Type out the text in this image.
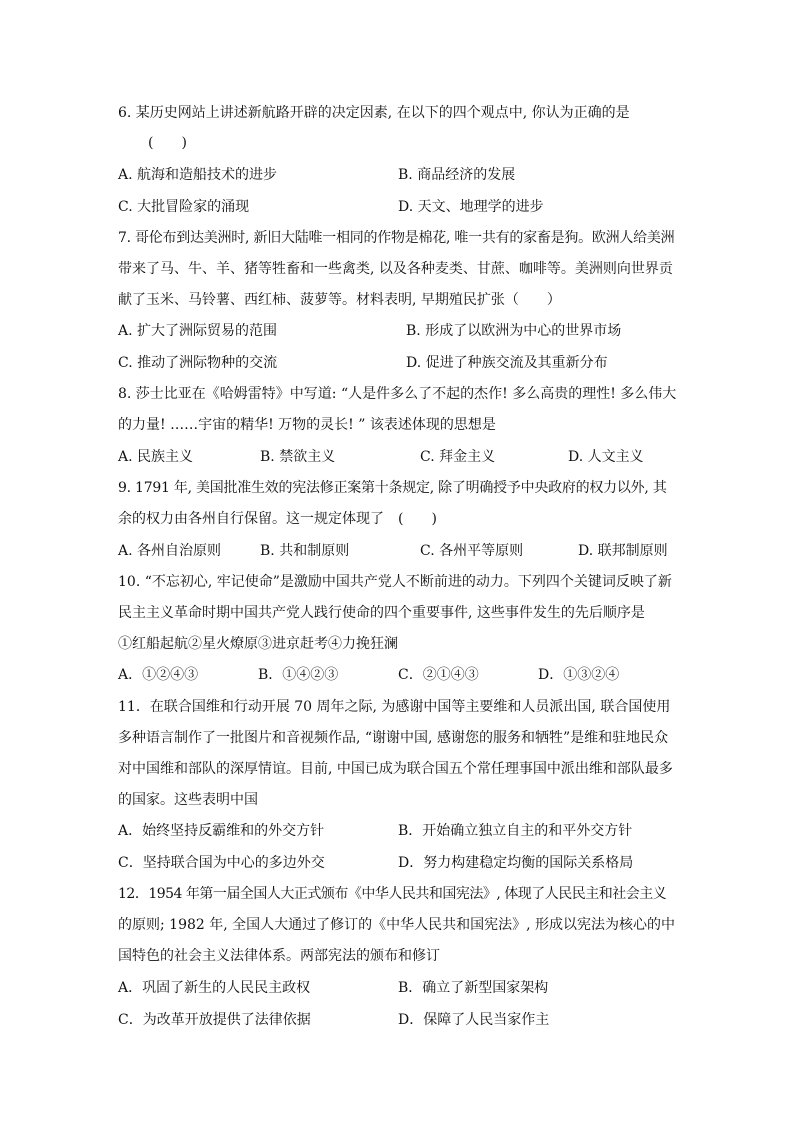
6. 某历史网站上讲述新航路开辟的决定因素, 在以下的四个观点中, 你认为正确的是
(　　)
A. 航海和造船技术的进步	B. 商品经济的发展
C. 大批冒险家的涌现	D. 天文、地理学的进步
7. 哥伦布到达美洲时, 新旧大陆唯一相同的作物是棉花, 唯一共有的家畜是狗。欧洲人给美洲
带来了马、牛、羊、猪等牲畜和一些禽类, 以及各种麦类、甘蔗、咖啡等。美洲则向世界贡
献了玉米、马铃薯、西红柿、菠萝等。材料表明, 早期殖民扩张（　　）
A. 扩大了洲际贸易的范围	B. 形成了以欧洲为中心的世界市场
C. 推动了洲际物种的交流	D. 促进了种族交流及其重新分布
8. 莎士比亚在《哈姆雷特》中写道: “人是件多么了不起的杰作! 多么高贵的理性! 多么伟大
的力量! ……宇宙的精华! 万物的灵长! ” 该表述体现的思想是
A. 民族主义	B. 禁欲主义	C. 拜金主义	D. 人文主义
9. 1791 年, 美国批准生效的宪法修正案第十条规定, 除了明确授予中央政府的权力以外, 其
余的权力由各州自行保留。这一规定体现了　(　　)
A. 各州自治原则	B. 共和制原则	C. 各州平等原则	D. 联邦制原则
10. “不忘初心, 牢记使命”是激励中国共产党人不断前进的动力。下列四个关键词反映了新
民主主义革命时期中国共产党人践行使命的四个重要事件, 这些事件发生的先后顺序是
①红船起航②星火燎原③进京赶考④力挽狂澜
A．①②④③	B．①④②③	C．②①④③	D．①③②④
11．在联合国维和行动开展 70 周年之际, 为感谢中国等主要维和人员派出国, 联合国使用
多种语言制作了一批图片和音视频作品, “谢谢中国, 感谢您的服务和牺牲”是维和驻地民众
对中国维和部队的深厚情谊。目前, 中国已成为联合国五个常任理事国中派出维和部队最多
的国家。这些表明中国
A．始终坚持反霸维和的外交方针	B．开始确立独立自主的和平外交方针
C．坚持联合国为中心的多边外交	D．努力构建稳定均衡的国际关系格局
12．1954 年第一届全国人大正式颁布《中华人民共和国宪法》, 体现了人民民主和社会主义
的原则; 1982 年, 全国人大通过了修订的《中华人民共和国宪法》, 形成以宪法为核心的中
国特色的社会主义法律体系。两部宪法的颁布和修订
A．巩固了新生的人民民主政权	B．确立了新型国家架构
C．为改革开放提供了法律依据	D．保障了人民当家作主
